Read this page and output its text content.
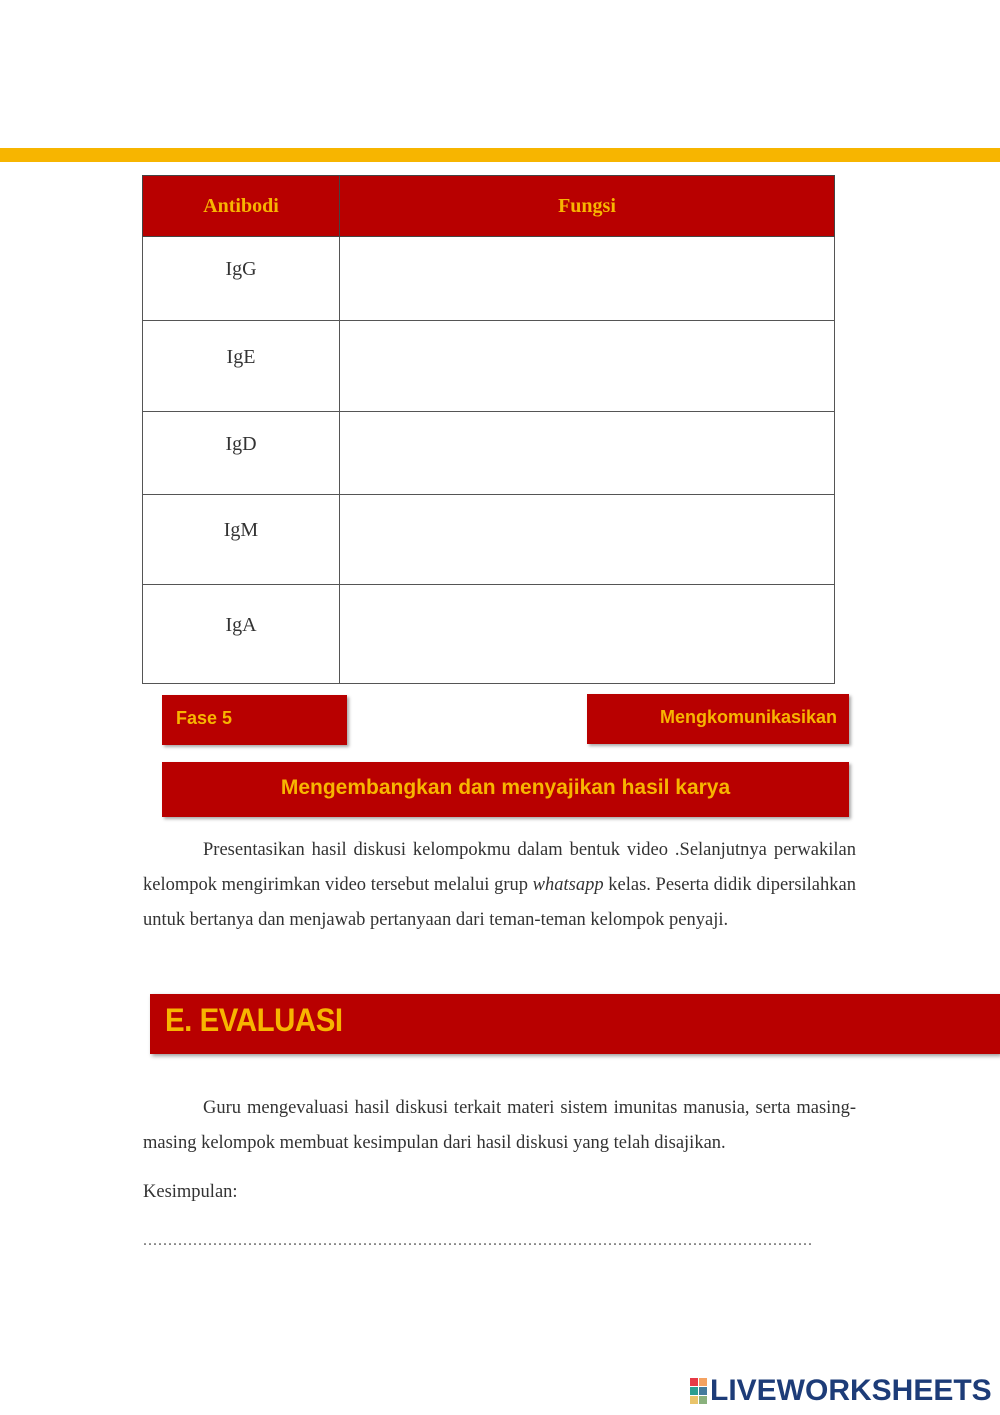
Antibodi	Fungsi
IgG	
IgE	
IgD	
IgM	
IgA	
Fase 5	Mengkomunikasikan
Mengembangkan dan menyajikan hasil karya

Presentasikan hasil diskusi kelompokmu dalam bentuk video .Selanjutnya perwakilan kelompok mengirimkan video tersebut melalui grup whatsapp kelas. Peserta didik dipersilahkan untuk bertanya dan menjawab pertanyaan dari teman-teman kelompok penyaji.

E. EVALUASI

Guru mengevaluasi hasil diskusi terkait materi sistem imunitas manusia, serta masing-masing kelompok membuat kesimpulan dari hasil diskusi yang telah disajikan.

Kesimpulan:
......................................................................................................................................
LIVEWORKSHEETS
